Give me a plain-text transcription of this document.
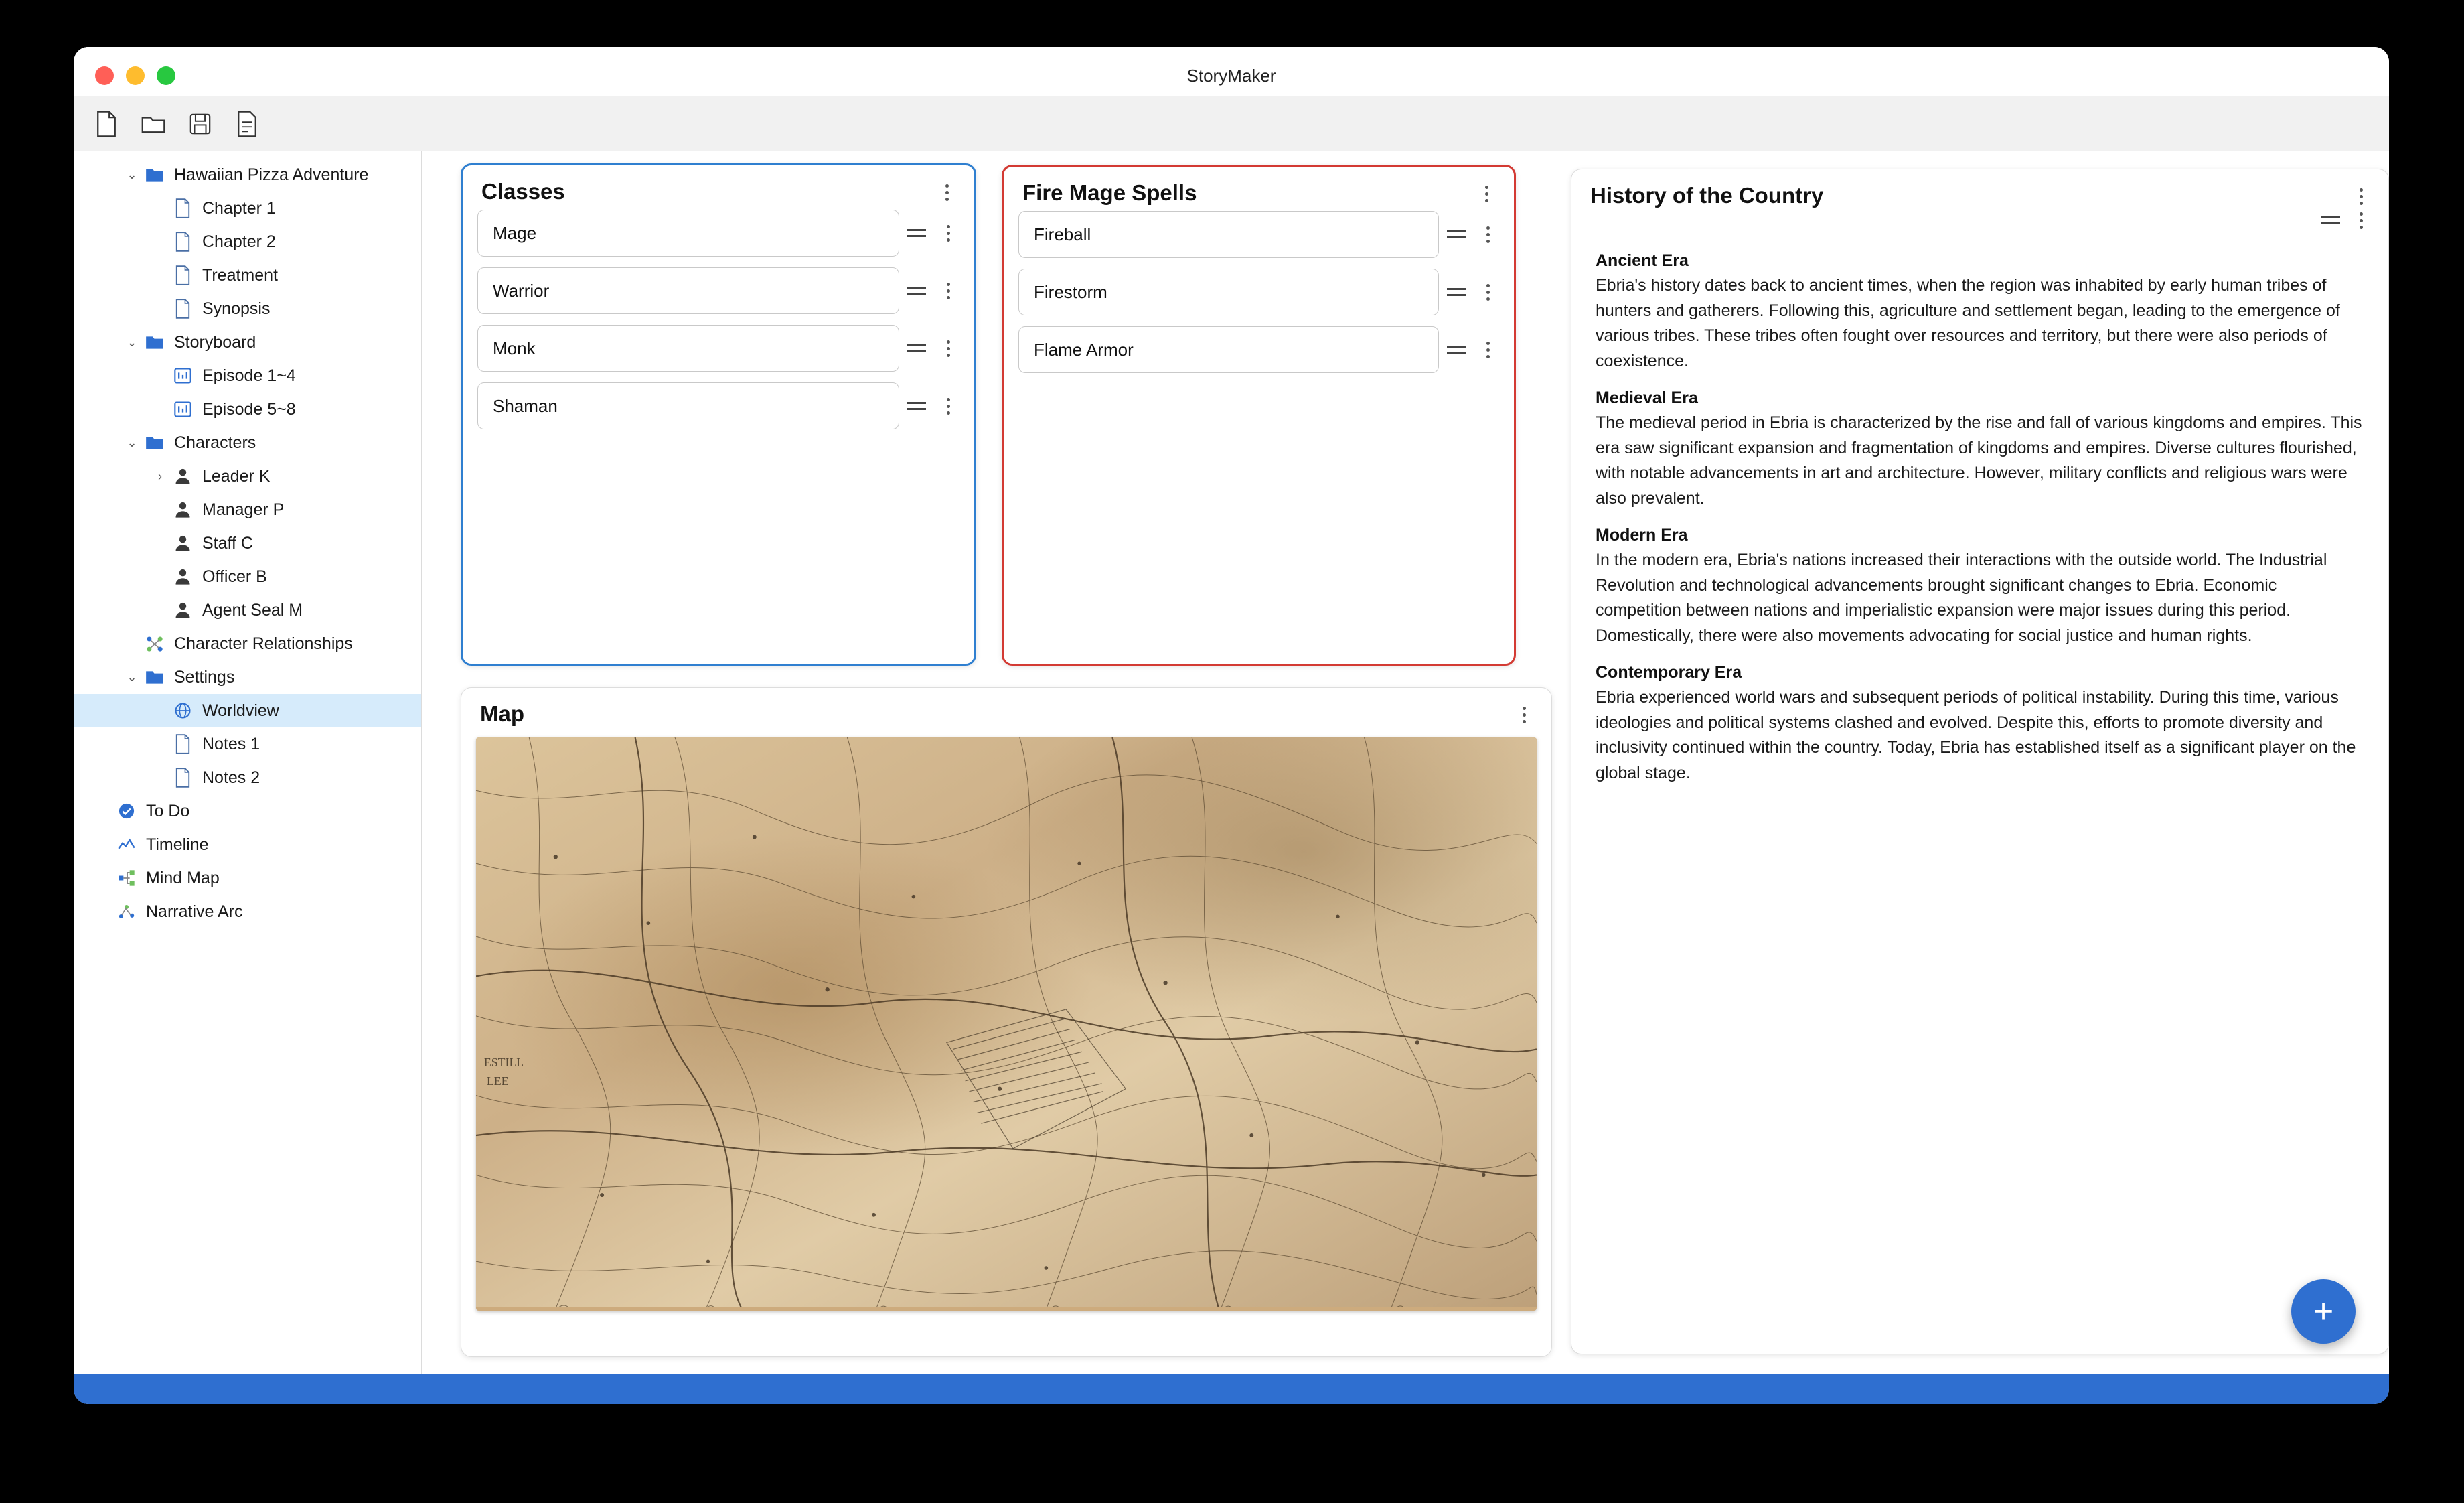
StoryMaker
⌄ Hawaiian Pizza Adventure
Chapter 1
Chapter 2
Treatment
Synopsis
⌄ Storyboard
Episode 1~4
Episode 5~8
⌄ Characters
›	Leader K
Manager P
Staff C
Officer B
Agent Seal M
Character Relationships
⌄ Settings
Worldview
Notes 1
Notes 2
To Do
Timeline
Mind Map
Narrative Arc
Classes
Mage
Warrior
Monk
Shaman
Fire Mage Spells
Fireball
Firestorm
Flame Armor
Map
ESTILL
LEE
History of the Country
Ancient Era

Ebria's history dates back to ancient times, when the region was inhabited by early human tribes of hunters and gatherers. Following this, agriculture and settlement began, leading to the emergence of various tribes. These tribes often fought over resources and territory, but there were also periods of coexistence.

Medieval Era

The medieval period in Ebria is characterized by the rise and fall of various kingdoms and empires. This era saw significant expansion and fragmentation of kingdoms and empires. Diverse cultures flourished, with notable advancements in art and architecture. However, military conflicts and religious wars were also prevalent.

Modern Era

In the modern era, Ebria's nations increased their interactions with the outside world. The Industrial Revolution and technological advancements brought significant changes to Ebria. Economic competition between nations and imperialistic expansion were major issues during this period. Domestically, there were also movements advocating for social justice and human rights.

Contemporary Era

Ebria experienced world wars and subsequent periods of political instability. During this time, various ideologies and political systems clashed and evolved. Despite this, efforts to promote diversity and inclusivity continued within the country. Today, Ebria has established itself as a significant player on the global stage.

+
